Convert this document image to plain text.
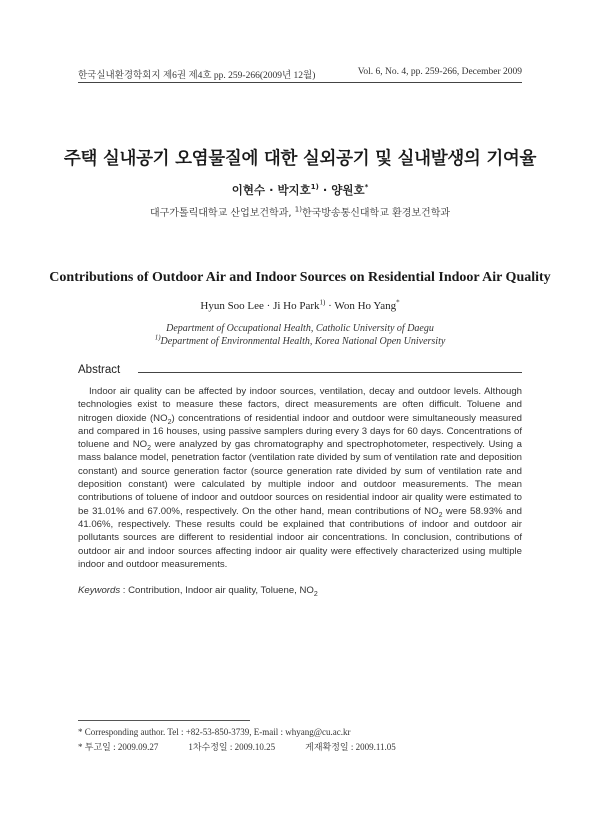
한국실내환경학회지 제6권 제4호 pp. 259-266(2009년 12월)	Vol. 6, No. 4, pp. 259-266, December 2009
주택 실내공기 오염물질에 대한 실외공기 및 실내발생의 기여율
이현수 · 박지호$^{1)}$ · 양원호*
대구가톨릭대학교 산업보건학과, $^{1)}$한국방송통신대학교 환경보건학과
Contributions of Outdoor Air and Indoor Sources on Residential Indoor Air Quality
Hyun Soo Lee · Ji Ho Park$^{1)}$ · Won Ho Yang*
Department of Occupational Health, Catholic University of Daegu
$^{1)}$Department of Environmental Health, Korea National Open University
Abstract

Indoor air quality can be affected by indoor sources, ventilation, decay and outdoor levels. Although technologies exist to measure these factors, direct measurements are often difficult. Toluene and nitrogen dioxide $(NO_2)$ concentrations of residential indoor and outdoor were simultaneously measured and compared in 16 houses, using passive samplers during every 3 days for 60 days. Concentrations of toluene and $NO_2$ were analyzed by gas chromatography and spectrophotometer, respectively. Using a mass balance model, penetration factor (ventilation rate divided by sum of ventilation rate and deposition constant) and source generation factor (source generation rate divided by sum of ventilation rate and deposition constant) were calculated by multiple indoor and outdoor measurements. The mean contributions of toluene of indoor and outdoor sources on residential indoor air quality were estimated to be 31.01% and 67.00%, respectively. On the other hand, mean contributions of $NO_2$ were 58.93% and 41.06%, respectively. These results could be explained that contributions of indoor and outdoor air pollutants sources are different to residential indoor air concentrations. In conclusion, contributions of outdoor air and indoor sources affecting indoor air quality were effectively characterized using multiple indoor and outdoor measurements.

Keywords : Contribution, Indoor air quality, Toluene, $NO_2$
* Corresponding author. Tel : +82-53-850-3739, E-mail : whyang@cu.ac.kr
* 투고일 : 2009.09.27	1차수정일 : 2009.10.25	게재확정일 : 2009.11.05
